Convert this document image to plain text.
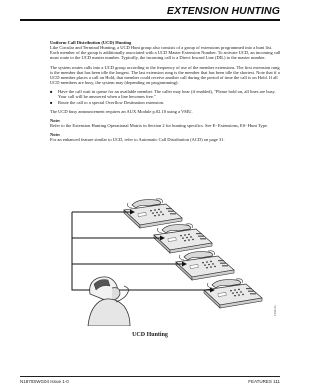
EXTENSION HUNTING

Uniform Call Distribution (UCD) Hunting
Like Circular and Terminal Hunting, a UCD Hunt group also consists of a group of extensions programmed into a hunt list. Each member of the group is additionally associated with a UCD Master Extension Number. To activate UCD, an incoming call must route to the UCD master number. Typically, the incoming call is a Direct Inward Line (DIL) to the master number.

The system routes calls into a UCD group according to the frequency of use of the member extensions. The first extension rung is the member that has been idle the longest. The last extension rung is the member that has been idle the shortest. Note that if a UCD member places a call on Hold, that member could receive another call during the period of time the call is on Hold. If all UCD members are busy, the system may (depending on programming):

■ Have the call wait in queue for an available member. The caller may hear (if enabled), "Please hold on, all lines are busy. Your call will be answered when a line becomes free."
■ Route the call to a special Overflow Destination extension.

The UCD busy announcement requires an AUX Module p.02.10 using a VMU.

Note:
Refer to the Extension Hunting Operational Matrix in Section 2 for hunting specifics. See E- Extensions, ES- Hunt Type.

Note:
For an enhanced feature similar to UCD, refer to Automatic Call Distribution (ACD) on page 31.

1160-21
UCD Hunting
N1870SWG04 Issue 1-0	FEATURES 111
